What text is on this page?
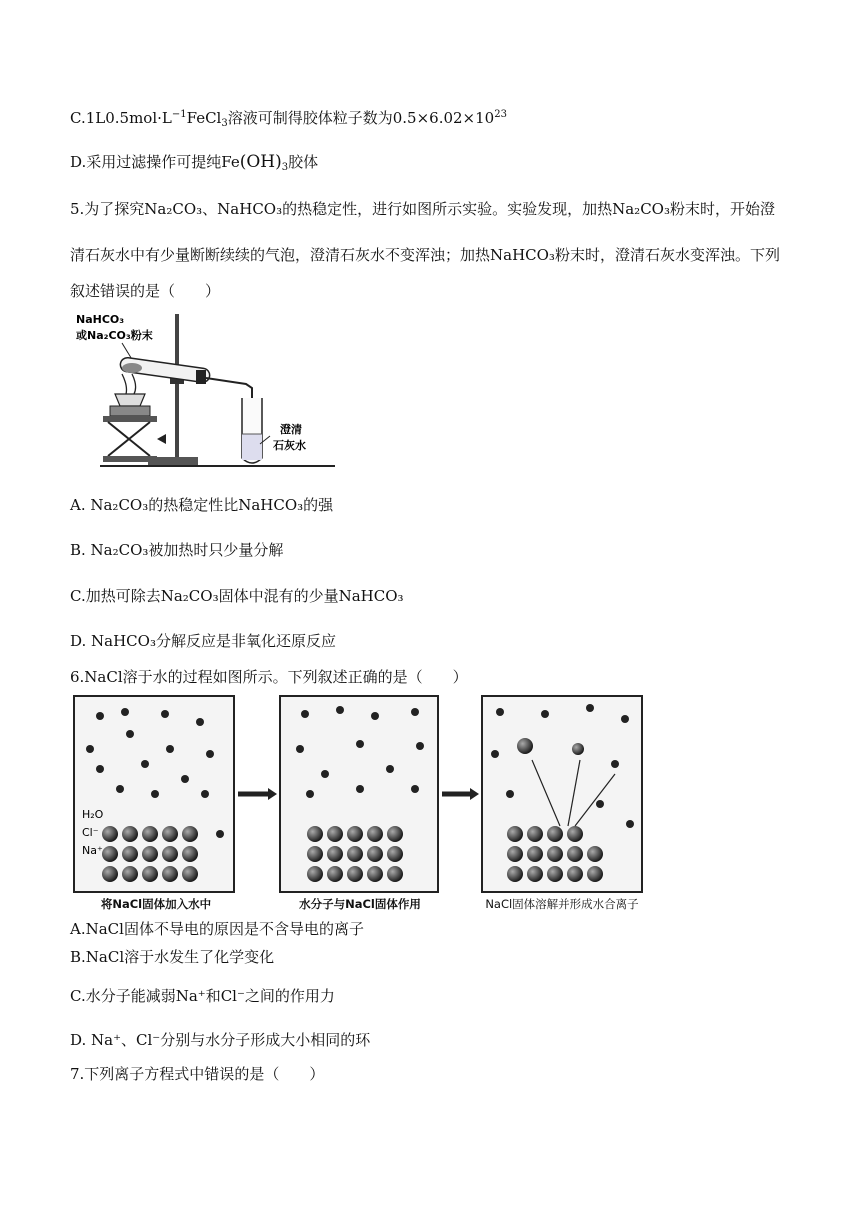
$C.1L0.5mol\cdot L^{-1}FeCl_3$溶液可制得胶体粒子数为$0.5\times 6.02\times 10^{23}$
D.采用过滤操作可提纯$Fe(OH)_3$胶体
5.为了探究Na₂CO₃、NaHCO₃的热稳定性，进行如图所示实验。实验发现，加热Na₂CO₃粉末时，开始澄
清石灰水中有少量断断续续的气泡，澄清石灰水不变浑浊；加热NaHCO₃粉末时，澄清石灰水变浑浊。下列
叙述错误的是（　　）
NaHCO₃
或Na₂CO₃粉末
澄清
石灰水
A. Na₂CO₃的热稳定性比NaHCO₃的强
B. Na₂CO₃被加热时只少量分解
C.加热可除去Na₂CO₃固体中混有的少量NaHCO₃
D. NaHCO₃分解反应是非氧化还原反应
6.NaCl溶于水的过程如图所示。下列叙述正确的是（　　）
H₂O
Cl⁻
Na⁺
将NaCl固体加入水中	水分子与NaCl固体作用	NaCl固体溶解并形成水合离子
A.NaCl固体不导电的原因是不含导电的离子
B.NaCl溶于水发生了化学变化
C.水分子能减弱Na⁺和Cl⁻之间的作用力
D. Na⁺、Cl⁻分别与水分子形成大小相同的环
7.下列离子方程式中错误的是（　　）
